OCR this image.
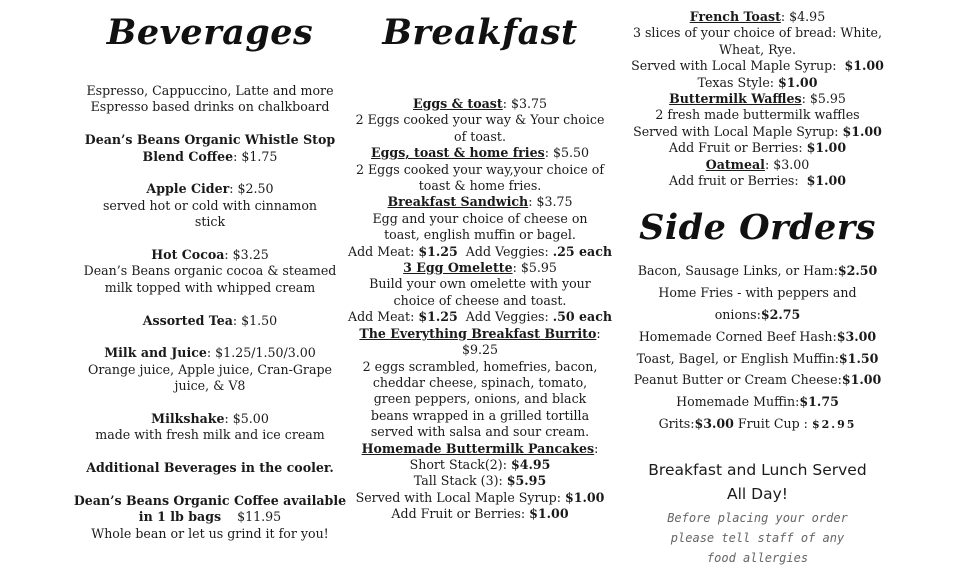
Beverages
Espresso, Cappuccino, Latte and more
Espresso based drinks on chalkboard
Dean’s Beans Organic Whistle Stop
Blend Coffee: $1.75
Apple Cider: $2.50
served hot or cold with cinnamon
stick
Hot Cocoa: $3.25
Dean’s Beans organic cocoa & steamed
milk topped with whipped cream
Assorted Tea: $1.50
Milk and Juice: $1.25/1.50/3.00
Orange juice, Apple juice, Cran-Grape
juice, & V8
Milkshake: $5.00
made with fresh milk and ice cream
Additional Beverages in the cooler.
Dean’s Beans Organic Coffee available
in 1 lb bags    $11.95
Whole bean or let us grind it for you!
Breakfast
Eggs & toast: $3.75
2 Eggs cooked your way & Your choice
of toast.
Eggs, toast & home fries: $5.50
2 Eggs cooked your way,your choice of
toast & home fries.
Breakfast Sandwich: $3.75
Egg and your choice of cheese on
toast, english muffin or bagel.
Add Meat: $1.25  Add Veggies: .25 each
3 Egg Omelette: $5.95
Build your own omelette with your
choice of cheese and toast.
Add Meat: $1.25  Add Veggies: .50 each
The Everything Breakfast Burrito:
$9.25
2 eggs scrambled, homefries, bacon,
cheddar cheese, spinach, tomato,
green peppers, onions, and black
beans wrapped in a grilled tortilla
served with salsa and sour cream.
Homemade Buttermilk Pancakes:
Short Stack(2): $4.95
Tall Stack (3): $5.95
Served with Local Maple Syrup: $1.00
Add Fruit or Berries: $1.00
French Toast: $4.95
3 slices of your choice of bread: White,
Wheat, Rye.
Served with Local Maple Syrup:  $1.00
Texas Style: $1.00
Buttermilk Waffles: $5.95
2 fresh made buttermilk waffles
Served with Local Maple Syrup: $1.00
Add Fruit or Berries: $1.00
Oatmeal: $3.00
Add fruit or Berries:  $1.00
Side Orders
Bacon, Sausage Links, or Ham:$2.50
Home Fries - with peppers and
onions:$2.75
Homemade Corned Beef Hash:$3.00
Toast, Bagel, or English Muffin:$1.50
Peanut Butter or Cream Cheese:$1.00
Homemade Muffin:$1.75
Grits:$3.00 Fruit Cup : $2.95
Breakfast and Lunch Served
All Day!
Before placing your order
please tell staff of any
food allergies
